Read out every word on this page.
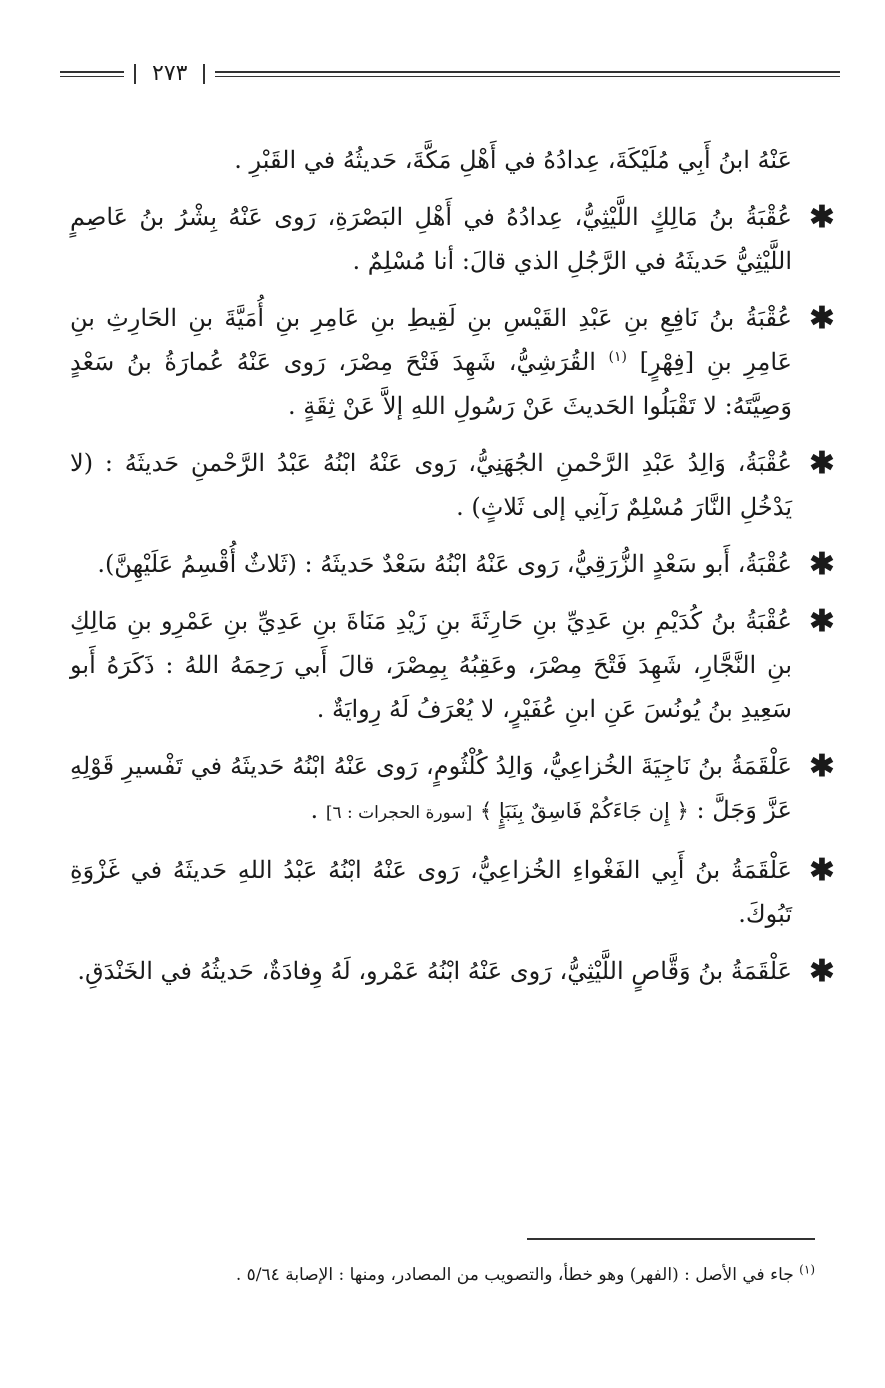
٢٧٣

عَنْهُ ابنُ أَبِي مُلَيْكَةَ، عِدادُهُ في أَهْلِ مَكَّةَ، حَديثُهُ في القَبْرِ .

✱
عُقْبَةُ بنُ مَالِكٍ اللَّيْثِيُّ، عِدادُهُ في أَهْلِ البَصْرَةِ، رَوى عَنْهُ بِشْرُ بنُ عَاصِمٍ اللَّيْثِيُّ حَديثَهُ في الرَّجُلِ الذي قالَ: أنا مُسْلِمٌ .

✱
عُقْبَةُ بنُ نَافِعِ بنِ عَبْدِ القَيْسِ بنِ لَقِيطِ بنِ عَامِرِ بنِ أُمَيَّةَ بنِ الحَارِثِ بنِ عَامِرِ بنِ [فِهْرٍ] $^{(١)}$ القُرَشِيُّ، شَهِدَ فَتْحَ مِصْرَ، رَوى عَنْهُ عُمارَةُ بنُ سَعْدٍ وَصِيَّتَهُ: لا تَقْبَلُوا الحَديثَ عَنْ رَسُولِ اللهِ إلاَّ عَنْ ثِقَةٍ .

✱
عُقْبَةُ، وَالِدُ عَبْدِ الرَّحْمنِ الجُهَنِيُّ، رَوى عَنْهُ ابْنُهُ عَبْدُ الرَّحْمنِ حَديثَهُ : (لا يَدْخُلِ النَّارَ مُسْلِمٌ رَآنِي إلى ثَلاثٍ) .

✱
عُقْبَةُ، أَبو سَعْدٍ الزُّرَقِيُّ، رَوى عَنْهُ ابْنُهُ سَعْدٌ حَديثَهُ : (ثَلاثٌ أُقْسِمُ عَلَيْهِنَّ).

✱
عُقْبَةُ بنُ كُدَيْمِ بنِ عَدِيِّ بنِ حَارِثَةَ بنِ زَيْدِ مَنَاةَ بنِ عَدِيِّ بنِ عَمْرِو بنِ مَالِكِ بنِ النَّجَّارِ، شَهِدَ فَتْحَ مِصْرَ، وعَقِبُهُ بِمِصْرَ، قالَ أَبي رَحِمَهُ اللهُ : ذَكَرَهُ أَبو سَعِيدِ بنُ يُونُسَ عَنِ ابنِ عُفَيْرٍ، لا يُعْرَفُ لَهُ رِوايَةٌ .

✱
عَلْقَمَةُ بنُ نَاجِيَةَ الخُزاعِيُّ، وَالِدُ كُلْثُومٍ، رَوى عَنْهُ ابْنُهُ حَديثَهُ في تَفْسيرِ قَوْلِهِ عَزَّ وَجَلَّ : ﴿ إِن جَاءَكُمْ فَاسِقٌ بِنَبَإٍ ﴾ [سورة الحجرات : ٦] .

✱
عَلْقَمَةُ بنُ أَبِي الفَغْواءِ الخُزاعِيُّ، رَوى عَنْهُ ابْنُهُ عَبْدُ اللهِ حَديثَهُ في غَزْوَةِ تَبُوكَ.

✱
عَلْقَمَةُ بنُ وَقَّاصٍ اللَّيْثِيُّ، رَوى عَنْهُ ابْنُهُ عَمْرو، لَهُ وِفادَةٌ، حَديثُهُ في الخَنْدَقِ.

$^{(١)}$ جاء في الأصل : (الفهر) وهو خطأ، والتصويب من المصادر، ومنها : الإصابة ٥/٦٤ .
